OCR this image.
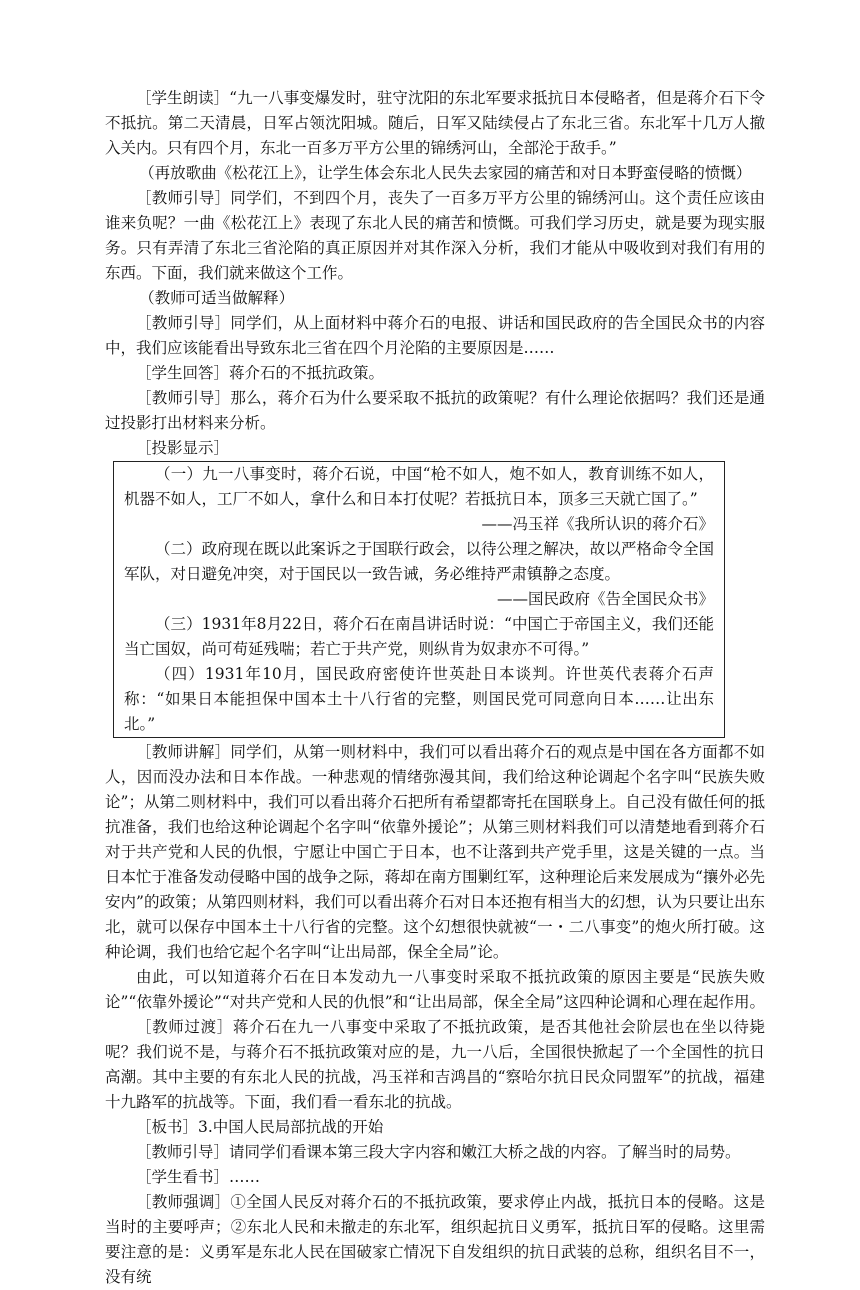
［学生朗读］“九一八事变爆发时，驻守沈阳的东北军要求抵抗日本侵略者，但是蒋介石下令不抵抗。第二天清晨，日军占领沈阳城。随后，日军又陆续侵占了东北三省。东北军十几万人撤入关内。只有四个月，东北一百多万平方公里的锦绣河山，全部沦于敌手。”

（再放歌曲《松花江上》，让学生体会东北人民失去家园的痛苦和对日本野蛮侵略的愤慨）

［教师引导］同学们，不到四个月，丧失了一百多万平方公里的锦绣河山。这个责任应该由谁来负呢？一曲《松花江上》表现了东北人民的痛苦和愤慨。可我们学习历史，就是要为现实服务。只有弄清了东北三省沦陷的真正原因并对其作深入分析，我们才能从中吸收到对我们有用的东西。下面，我们就来做这个工作。

（教师可适当做解释）

［教师引导］同学们，从上面材料中蒋介石的电报、讲话和国民政府的告全国民众书的内容中，我们应该能看出导致东北三省在四个月沦陷的主要原因是……

［学生回答］蒋介石的不抵抗政策。

［教师引导］那么，蒋介石为什么要采取不抵抗的政策呢？有什么理论依据吗？我们还是通过投影打出材料来分析。

［投影显示］

（一）九一八事变时，蒋介石说，中国“枪不如人，炮不如人，教育训练不如人，机器不如人，工厂不如人，拿什么和日本打仗呢？若抵抗日本，顶多三天就亡国了。”

——冯玉祥《我所认识的蒋介石》

（二）政府现在既以此案诉之于国联行政会，以待公理之解决，故以严格命令全国军队，对日避免冲突，对于国民以一致告诫，务必维持严肃镇静之态度。

——国民政府《告全国民众书》

（三）1931年8月22日，蒋介石在南昌讲话时说：“中国亡于帝国主义，我们还能当亡国奴，尚可苟延残喘；若亡于共产党，则纵肯为奴隶亦不可得。”

（四）1931年10月，国民政府密使许世英赴日本谈判。许世英代表蒋介石声称：“如果日本能担保中国本土十八行省的完整，则国民党可同意向日本……让出东北。”

［教师讲解］同学们，从第一则材料中，我们可以看出蒋介石的观点是中国在各方面都不如人，因而没办法和日本作战。一种悲观的情绪弥漫其间，我们给这种论调起个名字叫“民族失败论”；从第二则材料中，我们可以看出蒋介石把所有希望都寄托在国联身上。自己没有做任何的抵抗准备，我们也给这种论调起个名字叫“依靠外援论”；从第三则材料我们可以清楚地看到蒋介石对于共产党和人民的仇恨，宁愿让中国亡于日本，也不让落到共产党手里，这是关键的一点。当日本忙于准备发动侵略中国的战争之际，蒋却在南方围剿红军，这种理论后来发展成为“攘外必先安内”的政策；从第四则材料，我们可以看出蒋介石对日本还抱有相当大的幻想，认为只要让出东北，就可以保存中国本土十八行省的完整。这个幻想很快就被“一・二八事变”的炮火所打破。这种论调，我们也给它起个名字叫“让出局部，保全全局”论。

由此，可以知道蒋介石在日本发动九一八事变时采取不抵抗政策的原因主要是“民族失败论”“依靠外援论”“对共产党和人民的仇恨”和“让出局部，保全全局”这四种论调和心理在起作用。

［教师过渡］蒋介石在九一八事变中采取了不抵抗政策，是否其他社会阶层也在坐以待毙呢？我们说不是，与蒋介石不抵抗政策对应的是，九一八后，全国很快掀起了一个全国性的抗日高潮。其中主要的有东北人民的抗战，冯玉祥和吉鸿昌的“察哈尔抗日民众同盟军”的抗战，福建十九路军的抗战等。下面，我们看一看东北的抗战。

［板书］3.中国人民局部抗战的开始

［教师引导］请同学们看课本第三段大字内容和嫩江大桥之战的内容。了解当时的局势。

［学生看书］……

［教师强调］①全国人民反对蒋介石的不抵抗政策，要求停止内战，抵抗日本的侵略。这是当时的主要呼声；②东北人民和未撤走的东北军，组织起抗日义勇军，抵抗日军的侵略。这里需要注意的是：义勇军是东北人民在国破家亡情况下自发组织的抗日武装的总称，组织名目不一，没有统
